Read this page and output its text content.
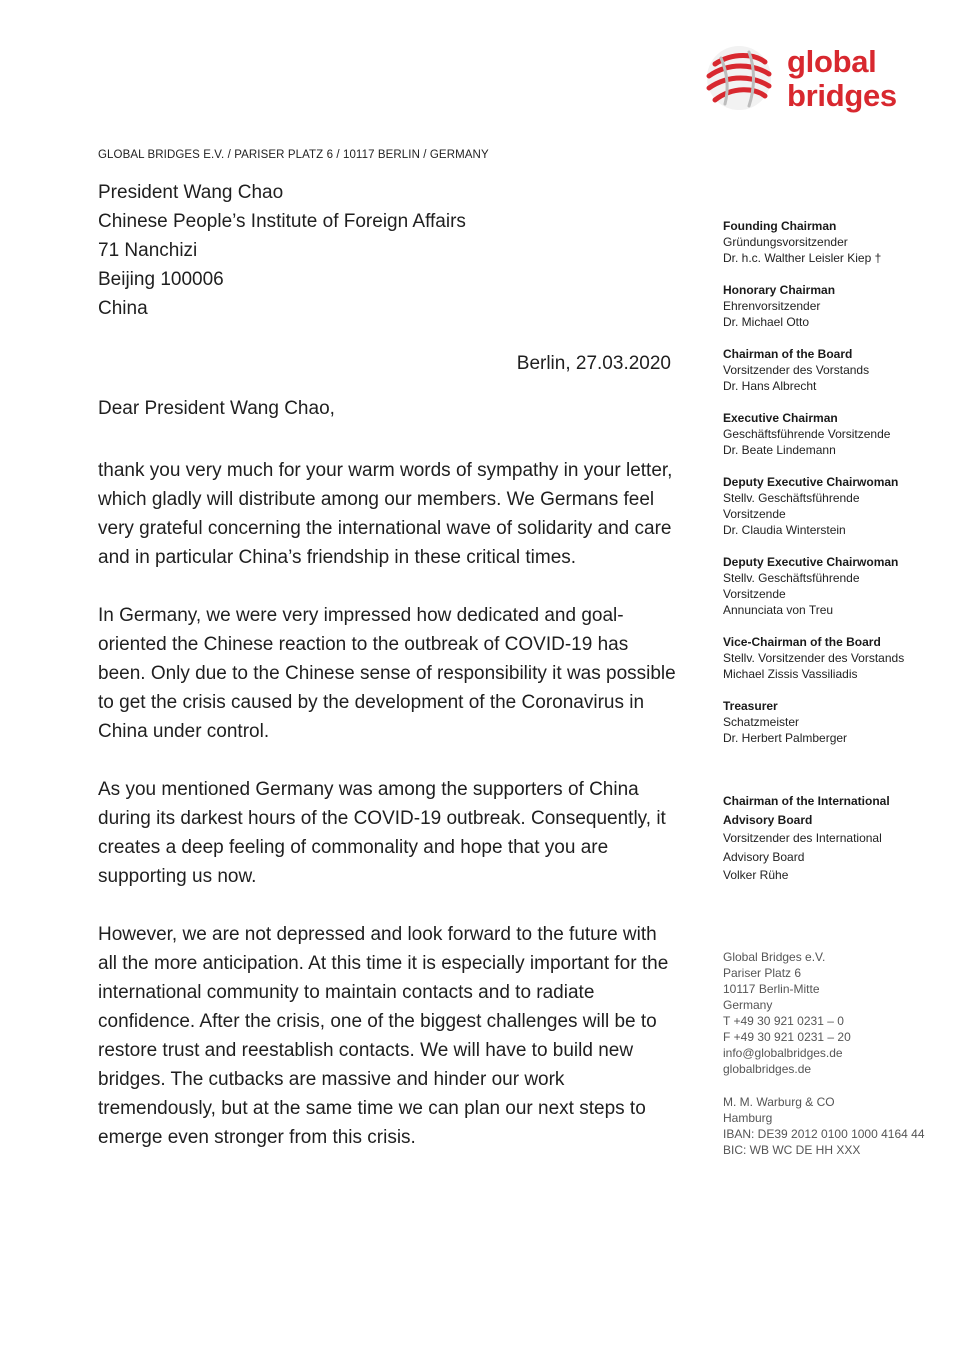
global
bridges
GLOBAL BRIDGES E.V. / PARISER PLATZ 6 / 10117 BERLIN / GERMANY
President Wang Chao
Chinese People’s Institute of Foreign Affairs
71 Nanchizi
Beijing 100006
China
Berlin, 27.03.2020
Dear President Wang Chao,

thank you very much for your warm words of sympathy in your letter, which gladly will distribute among our members. We Germans feel very grateful concerning the international wave of solidarity and care and in particular China’s friendship in these critical times.

In Germany, we were very impressed how dedicated and goal-oriented the Chinese reaction to the outbreak of COVID-19 has been. Only due to the Chinese sense of responsibility it was possible to get the crisis caused by the development of the Coronavirus in China under control.

As you mentioned Germany was among the supporters of China during its darkest hours of the COVID-19 outbreak. Consequently, it creates a deep feeling of commonality and hope that you are supporting us now.

However, we are not depressed and look forward to the future with all the more anticipation. At this time it is especially important for the international community to maintain contacts and to radiate confidence. After the crisis, one of the biggest challenges will be to restore trust and reestablish contacts. We will have to build new bridges. The cutbacks are massive and hinder our work tremendously, but at the same time we can plan our next steps to emerge even stronger from this crisis.

Founding Chairman
Gründungsvorsitzender
Dr. h.c. Walther Leisler Kiep †
Honorary Chairman
Ehrenvorsitzender
Dr. Michael Otto
Chairman of the Board
Vorsitzender des Vorstands
Dr. Hans Albrecht
Executive Chairman
Geschäftsführende Vorsitzende
Dr. Beate Lindemann
Deputy Executive Chairwoman
Stellv. Geschäftsführende
Vorsitzende
Dr. Claudia Winterstein
Deputy Executive Chairwoman
Stellv. Geschäftsführende
Vorsitzende
Annunciata von Treu
Vice-Chairman of the Board
Stellv. Vorsitzender des Vorstands
Michael Zissis Vassiliadis
Treasurer
Schatzmeister
Dr. Herbert Palmberger
Chairman of the International
Advisory Board
Vorsitzender des International
Advisory Board
Volker Rühe
Global Bridges e.V.
Pariser Platz 6
10117 Berlin-Mitte
Germany
T +49 30 921 0231 – 0
F +49 30 921 0231 – 20
info@globalbridges.de
globalbridges.de
M. M. Warburg & CO
Hamburg
IBAN: DE39 2012 0100 1000 4164 44
BIC: WB WC DE HH XXX
